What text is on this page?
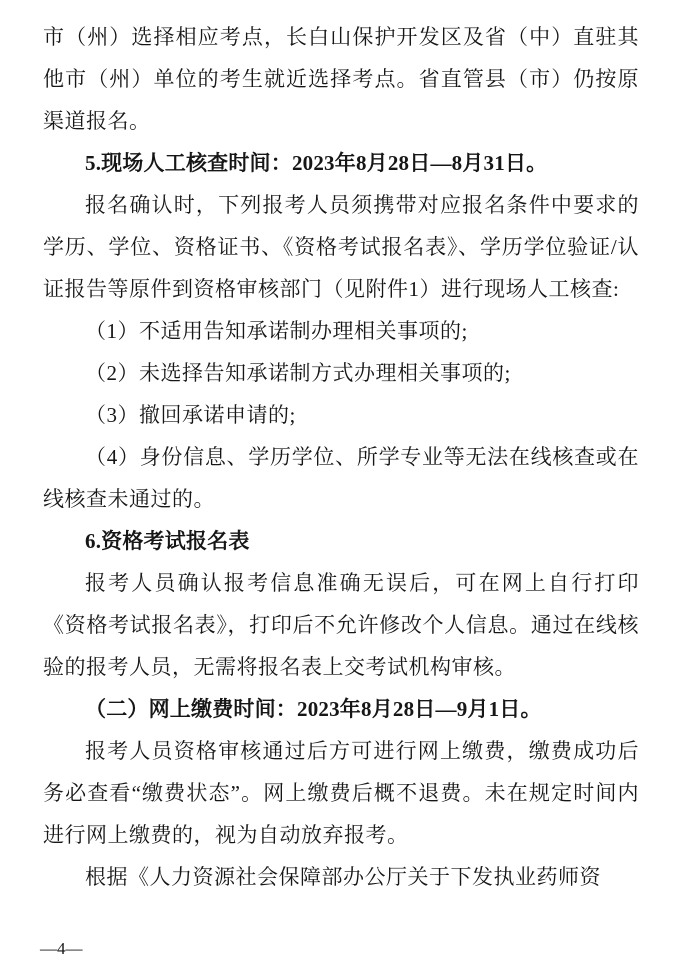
市（州）选择相应考点，长白山保护开发区及省（中）直驻其他市（州）单位的考生就近选择考点。省直管县（市）仍按原渠道报名。

5.现场人工核查时间：2023年8月28日—8月31日。

报名确认时，下列报考人员须携带对应报名条件中要求的学历、学位、资格证书、《资格考试报名表》、学历学位验证/认证报告等原件到资格审核部门（见附件1）进行现场人工核查:

（1）不适用告知承诺制办理相关事项的;

（2）未选择告知承诺制方式办理相关事项的;

（3）撤回承诺申请的;

（4）身份信息、学历学位、所学专业等无法在线核查或在线核查未通过的。

6.资格考试报名表

报考人员确认报考信息准确无误后，可在网上自行打印《资格考试报名表》，打印后不允许修改个人信息。通过在线核验的报考人员，无需将报名表上交考试机构审核。

（二）网上缴费时间：2023年8月28日—9月1日。

报考人员资格审核通过后方可进行网上缴费，缴费成功后务必查看“缴费状态”。网上缴费后概不退费。未在规定时间内进行网上缴费的，视为自动放弃报考。

根据《人力资源社会保障部办公厅关于下发执业药师资

—4—
